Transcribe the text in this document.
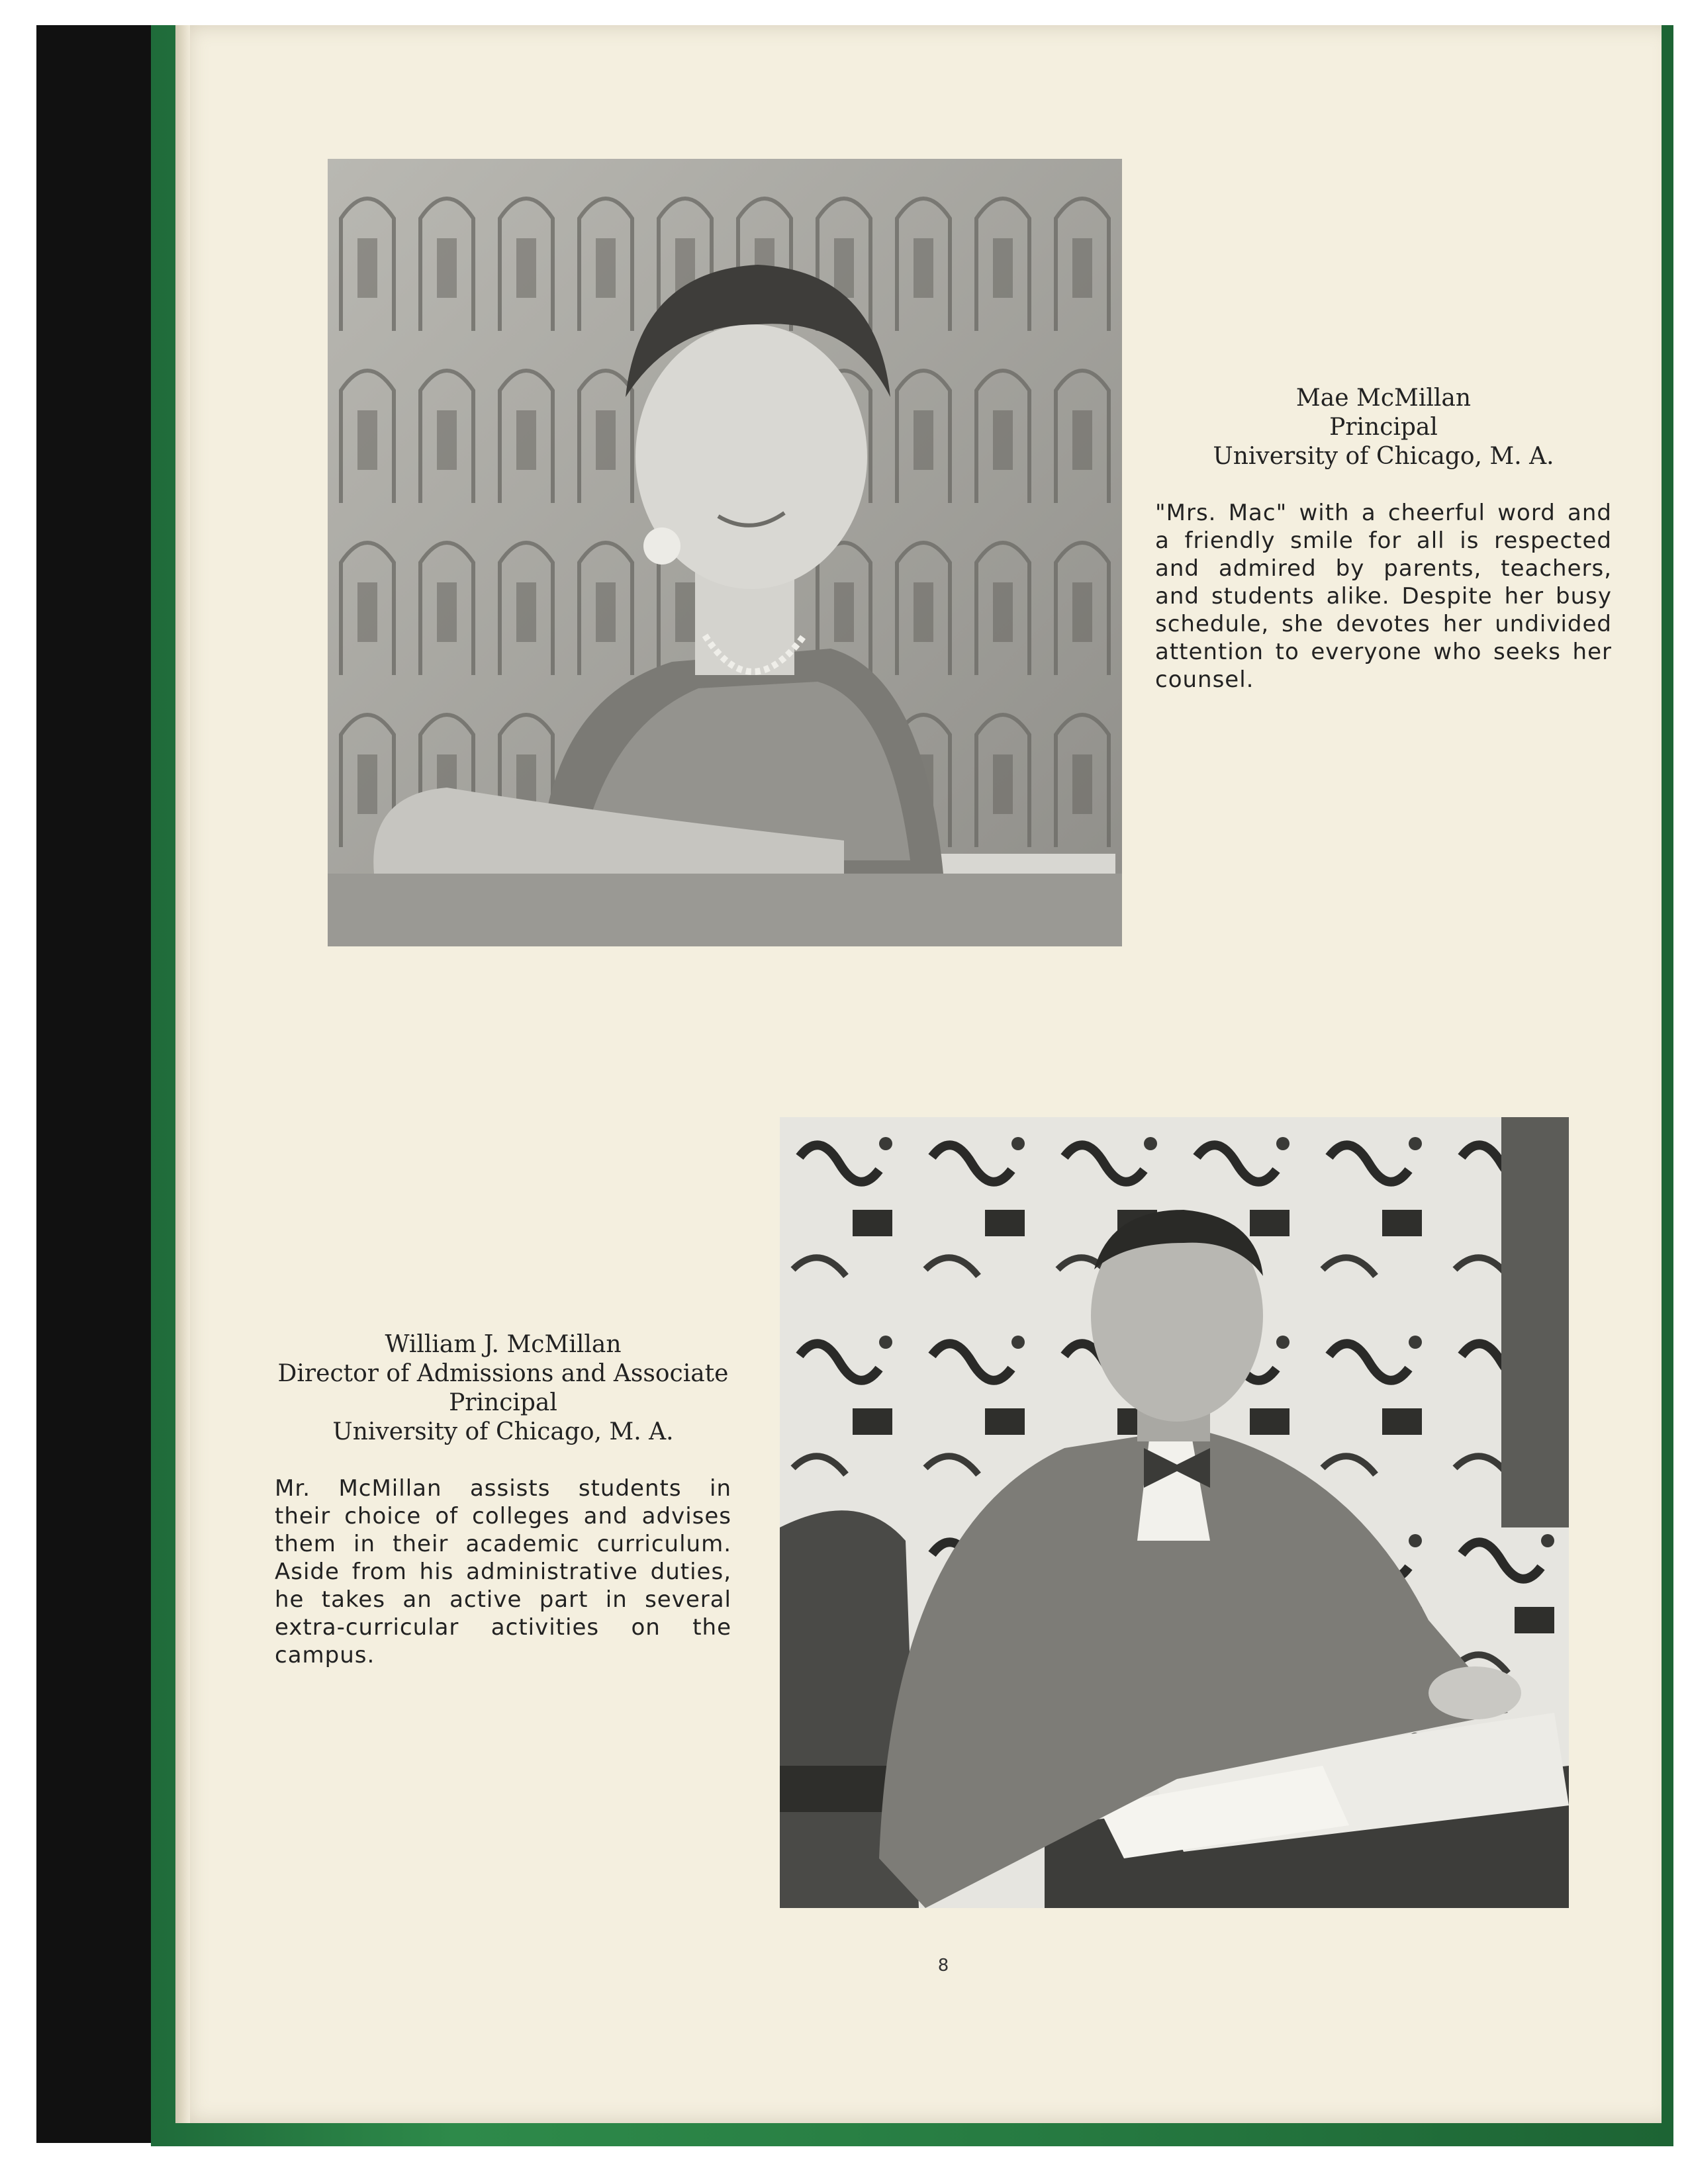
Mae McMillan
Principal
University of Chicago, M. A.
"Mrs. Mac" with a cheerful word and
a friendly smile for all is respected
and admired by parents, teachers,
and students alike. Despite her busy
schedule, she devotes her undivided
attention to everyone who seeks her
counsel.
William J. McMillan
Director of Admissions and Associate
Principal
University of Chicago, M. A.
Mr. McMillan assists students in
their choice of colleges and advises
them in their academic curriculum.
Aside from his administrative duties,
he takes an active part in several
extra-curricular activities on the
campus.
8
